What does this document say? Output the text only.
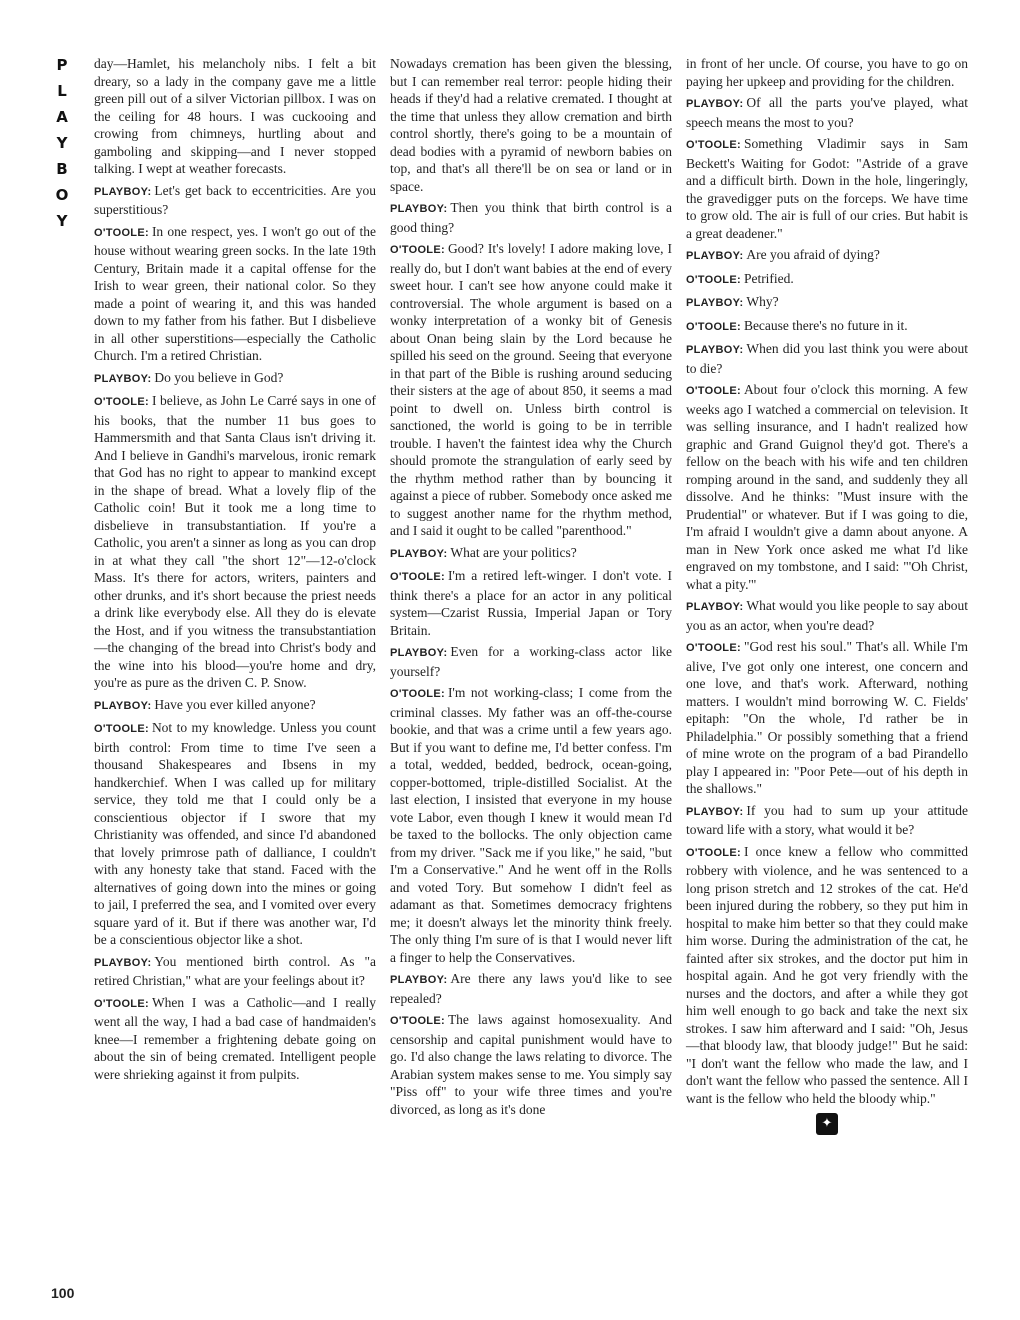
P
L
A
Y
B
O
Y

day—Hamlet, his melancholy nibs. I felt a bit dreary, so a lady in the company gave me a little green pill out of a silver Victorian pillbox. I was on the ceiling for 48 hours. I was cuckooing and crowing from chimneys, hurtling about and gamboling and skipping—and I never stopped talking. I wept at weather forecasts.

PLAYBOY: Let's get back to eccentricities. Are you superstitious?

O'TOOLE: In one respect, yes. I won't go out of the house without wearing green socks. In the late 19th Century, Britain made it a capital offense for the Irish to wear green, their national color. So they made a point of wearing it, and this was handed down to my father from his father. But I disbelieve in all other superstitions—especially the Catholic Church. I'm a retired Christian.

PLAYBOY: Do you believe in God?

O'TOOLE: I believe, as John Le Carré says in one of his books, that the number 11 bus goes to Hammersmith and that Santa Claus isn't driving it. And I believe in Gandhi's marvelous, ironic remark that God has no right to appear to mankind except in the shape of bread. What a lovely flip of the Catholic coin! But it took me a long time to disbelieve in transubstantiation. If you're a Catholic, you aren't a sinner as long as you can drop in at what they call "the short 12"—12-o'clock Mass. It's there for actors, writers, painters and other drunks, and it's short because the priest needs a drink like everybody else. All they do is elevate the Host, and if you witness the transubstantiation—the changing of the bread into Christ's body and the wine into his blood—you're home and dry, you're as pure as the driven C. P. Snow.

PLAYBOY: Have you ever killed anyone?

O'TOOLE: Not to my knowledge. Unless you count birth control: From time to time I've seen a thousand Shakespeares and Ibsens in my handkerchief. When I was called up for military service, they told me that I could only be a conscientious objector if I swore that my Christianity was offended, and since I'd abandoned that lovely primrose path of dalliance, I couldn't with any honesty take that stand. Faced with the alternatives of going down into the mines or going to jail, I preferred the sea, and I vomited over every square yard of it. But if there was another war, I'd be a conscientious objector like a shot.

PLAYBOY: You mentioned birth control. As "a retired Christian," what are your feelings about it?

O'TOOLE: When I was a Catholic—and I really went all the way, I had a bad case of handmaiden's knee—I remember a frightening debate going on about the sin of being cremated. Intelligent people were shrieking against it from pulpits.

Nowadays cremation has been given the blessing, but I can remember real terror: people hiding their heads if they'd had a relative cremated. I thought at the time that unless they allow cremation and birth control shortly, there's going to be a mountain of dead bodies with a pyramid of newborn babies on top, and that's all there'll be on sea or land or in space.

PLAYBOY: Then you think that birth control is a good thing?

O'TOOLE: Good? It's lovely! I adore making love, I really do, but I don't want babies at the end of every sweet hour. I can't see how anyone could make it controversial. The whole argument is based on a wonky interpretation of a wonky bit of Genesis about Onan being slain by the Lord because he spilled his seed on the ground. Seeing that everyone in that part of the Bible is rushing around seducing their sisters at the age of about 850, it seems a mad point to dwell on. Unless birth control is sanctioned, the world is going to be in terrible trouble. I haven't the faintest idea why the Church should promote the strangulation of early seed by the rhythm method rather than by bouncing it against a piece of rubber. Somebody once asked me to suggest another name for the rhythm method, and I said it ought to be called "parenthood."

PLAYBOY: What are your politics?

O'TOOLE: I'm a retired left-winger. I don't vote. I think there's a place for an actor in any political system—Czarist Russia, Imperial Japan or Tory Britain.

PLAYBOY: Even for a working-class actor like yourself?

O'TOOLE: I'm not working-class; I come from the criminal classes. My father was an off-the-course bookie, and that was a crime until a few years ago. But if you want to define me, I'd better confess. I'm a total, wedded, bedded, bedrock, ocean-going, copper-bottomed, triple-distilled Socialist. At the last election, I insisted that everyone in my house vote Labor, even though I knew it would mean I'd be taxed to the bollocks. The only objection came from my driver. "Sack me if you like," he said, "but I'm a Conservative." And he went off in the Rolls and voted Tory. But somehow I didn't feel as adamant as that. Sometimes democracy frightens me; it doesn't always let the minority think freely. The only thing I'm sure of is that I would never lift a finger to help the Conservatives.

PLAYBOY: Are there any laws you'd like to see repealed?

O'TOOLE: The laws against homosexuality. And censorship and capital punishment would have to go. I'd also change the laws relating to divorce. The Arabian system makes sense to me. You simply say "Piss off" to your wife three times and you're divorced, as long as it's done

in front of her uncle. Of course, you have to go on paying her upkeep and providing for the children.

PLAYBOY: Of all the parts you've played, what speech means the most to you?

O'TOOLE: Something Vladimir says in Sam Beckett's Waiting for Godot: "Astride of a grave and a difficult birth. Down in the hole, lingeringly, the gravedigger puts on the forceps. We have time to grow old. The air is full of our cries. But habit is a great deadener."

PLAYBOY: Are you afraid of dying?

O'TOOLE: Petrified.

PLAYBOY: Why?

O'TOOLE: Because there's no future in it.

PLAYBOY: When did you last think you were about to die?

O'TOOLE: About four o'clock this morning. A few weeks ago I watched a commercial on television. It was selling insurance, and I hadn't realized how graphic and Grand Guignol they'd got. There's a fellow on the beach with his wife and ten children romping around in the sand, and suddenly they all dissolve. And he thinks: "Must insure with the Prudential" or whatever. But if I was going to die, I'm afraid I wouldn't give a damn about anyone. A man in New York once asked me what I'd like engraved on my tombstone, and I said: "'Oh Christ, what a pity.'"

PLAYBOY: What would you like people to say about you as an actor, when you're dead?

O'TOOLE: "God rest his soul." That's all. While I'm alive, I've got only one interest, one concern and one love, and that's work. Afterward, nothing matters. I wouldn't mind borrowing W. C. Fields' epitaph: "On the whole, I'd rather be in Philadelphia." Or possibly something that a friend of mine wrote on the program of a bad Pirandello play I appeared in: "Poor Pete—out of his depth in the shallows."

PLAYBOY: If you had to sum up your attitude toward life with a story, what would it be?

O'TOOLE: I once knew a fellow who committed robbery with violence, and he was sentenced to a long prison stretch and 12 strokes of the cat. He'd been injured during the robbery, so they put him in hospital to make him better so that they could make him worse. During the administration of the cat, he fainted after six strokes, and the doctor put him in hospital again. And he got very friendly with the nurses and the doctors, and after a while they got him well enough to go back and take the next six strokes. I saw him afterward and I said: "Oh, Jesus—that bloody law, that bloody judge!" But he said: "I don't want the fellow who made the law, and I don't want the fellow who passed the sentence. All I want is the fellow who held the bloody whip."

✦
100
